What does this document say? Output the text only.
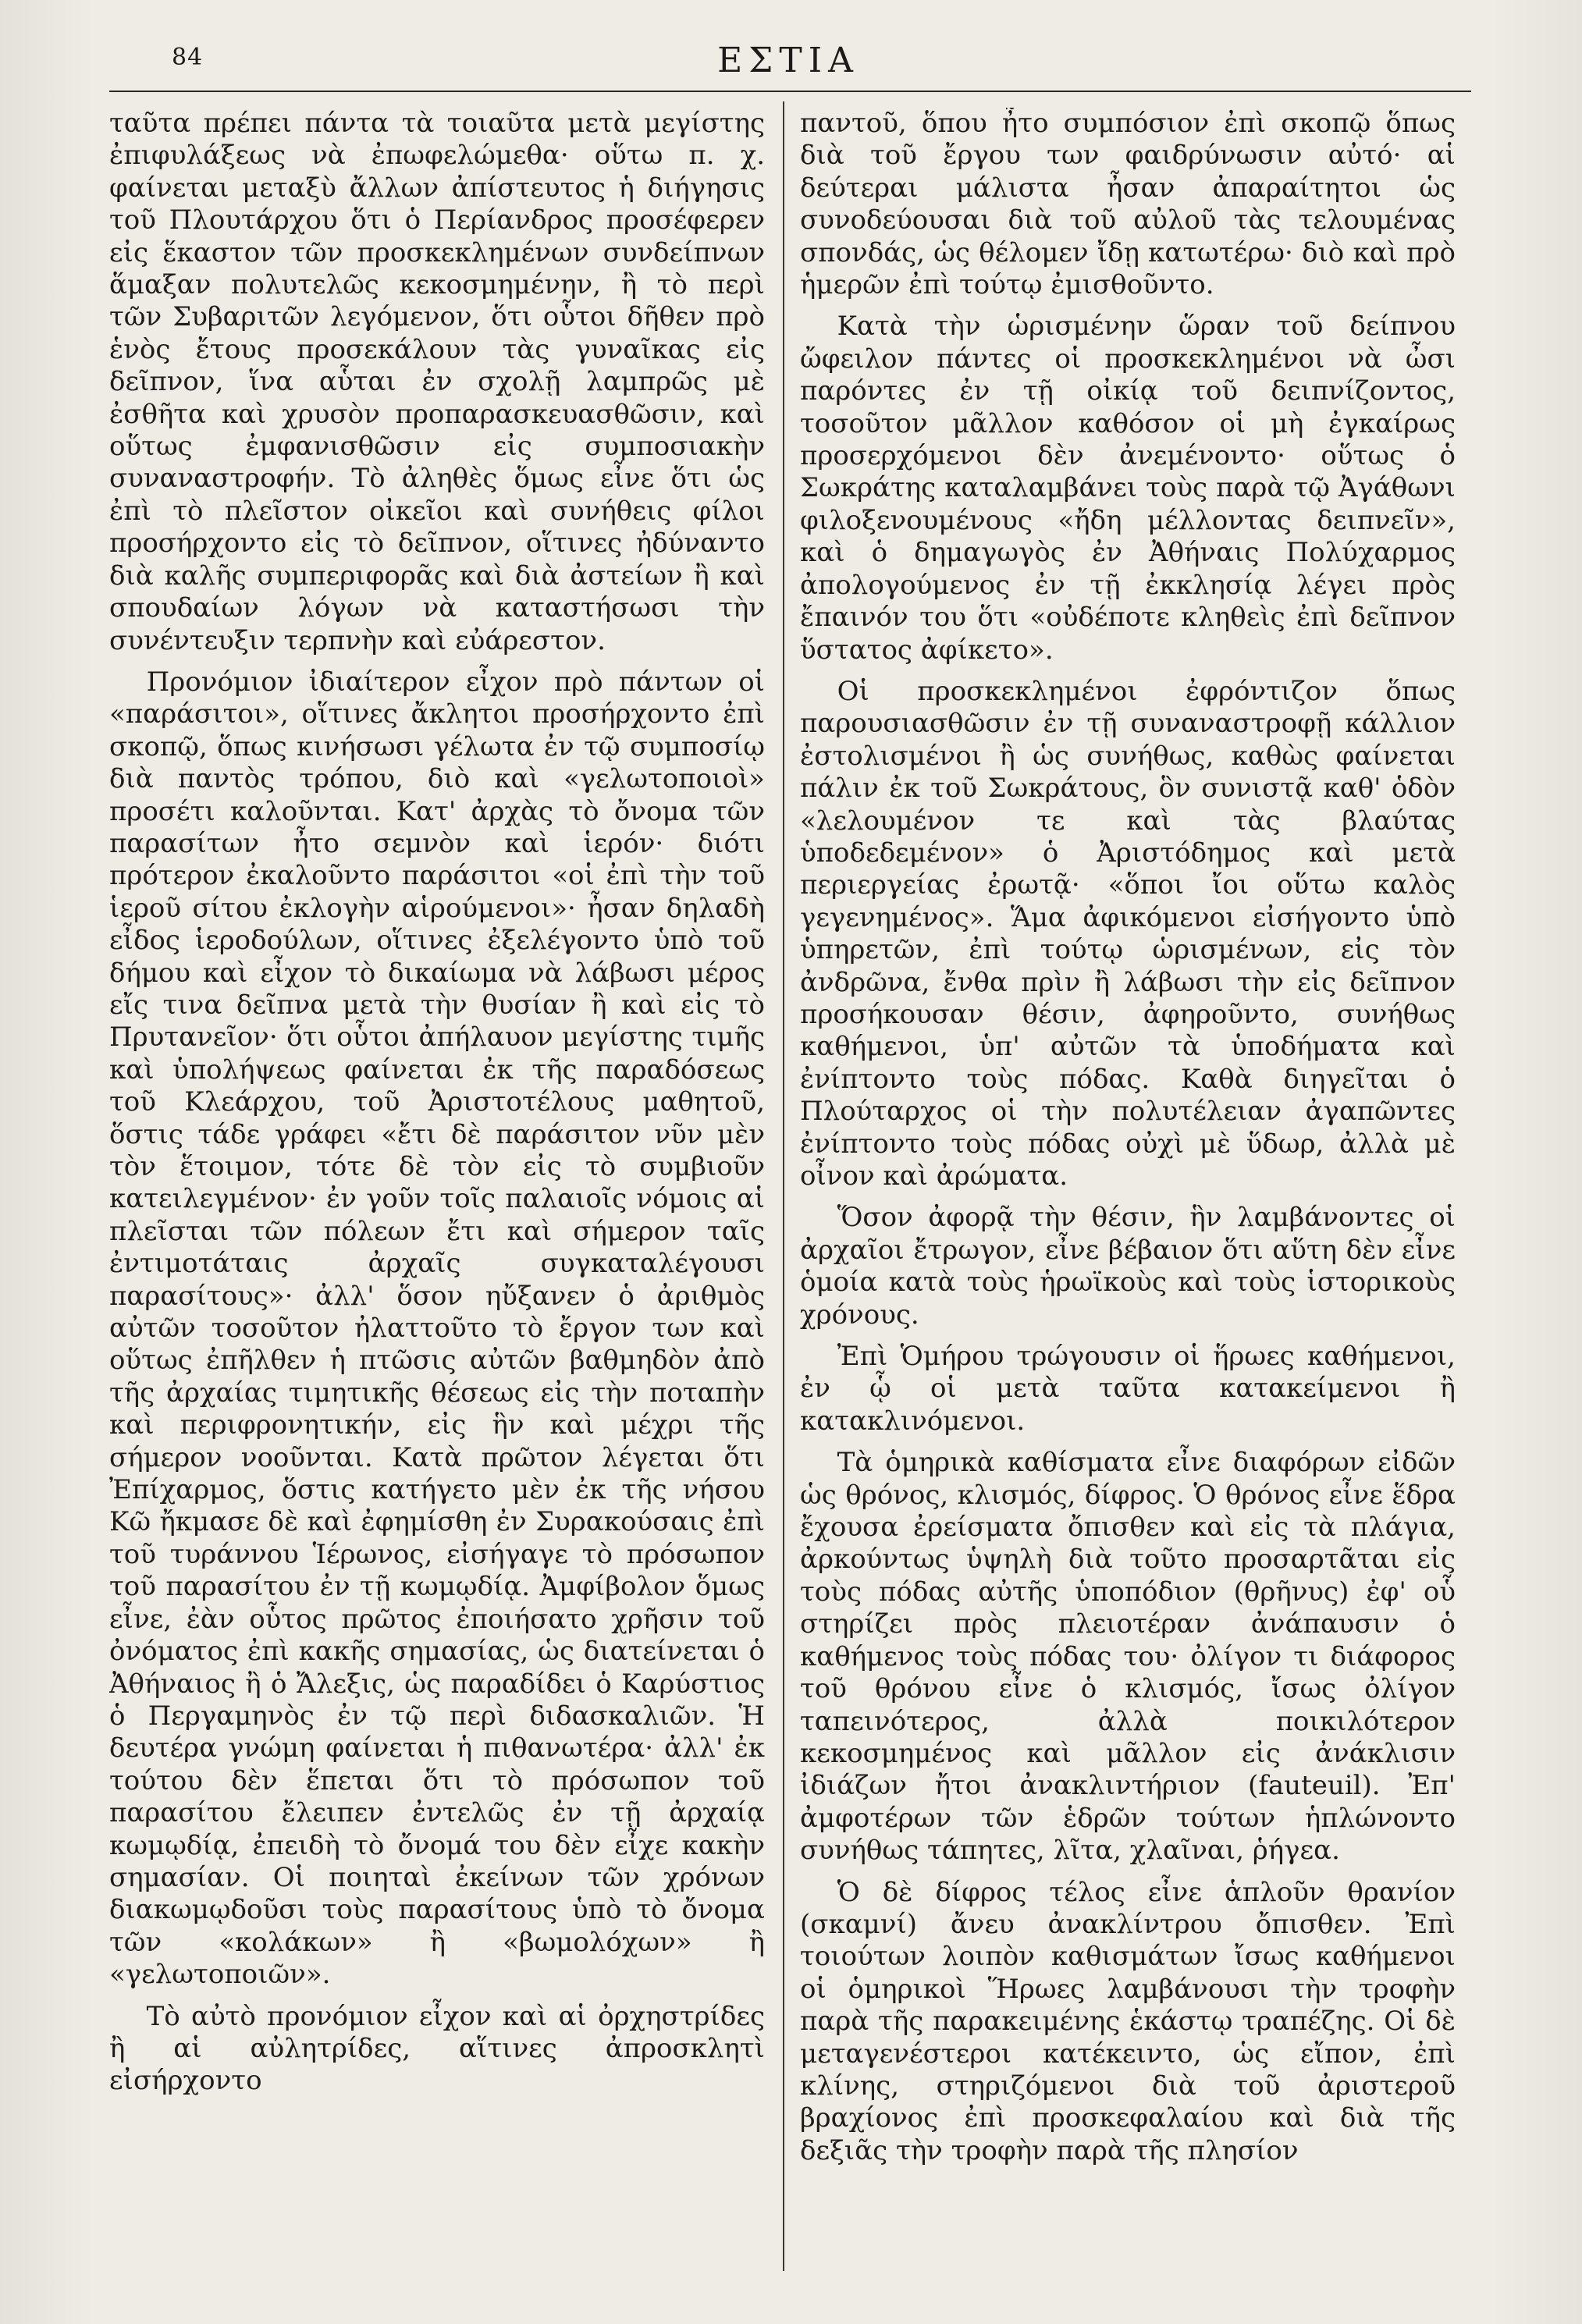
84	ΕΣΤΙΑ

ταῦτα πρέπει πάντα τὰ τοιαῦτα μετὰ μεγίστης ἐπιφυλάξεως νὰ ἐπωφελώμεθα· οὕτω π. χ. φαίνεται μεταξὺ ἄλλων ἀπίστευτος ἡ διήγησις τοῦ Πλουτάρχου ὅτι ὁ Περίανδρος προσέφερεν εἰς ἕκαστον τῶν προσκεκλημένων συνδείπνων ἅμαξαν πολυτελῶς κεκοσμημένην, ἢ τὸ περὶ τῶν Συβαριτῶν λεγόμενον, ὅτι οὗτοι δῆθεν πρὸ ἑνὸς ἔτους προσεκάλουν τὰς γυναῖκας εἰς δεῖπνον, ἵνα αὗται ἐν σχολῇ λαμπρῶς μὲ ἐσθῆτα καὶ χρυσὸν προπαρασκευασθῶσιν, καὶ οὕτως ἐμφανισθῶσιν εἰς συμποσιακὴν συναναστροφήν. Τὸ ἀληθὲς ὅμως εἶνε ὅτι ὡς ἐπὶ τὸ πλεῖστον οἰκεῖοι καὶ συνήθεις φίλοι προσήρχοντο εἰς τὸ δεῖπνον, οἵτινες ἠδύναντο διὰ καλῆς συμπεριφορᾶς καὶ διὰ ἀστείων ἢ καὶ σπουδαίων λόγων νὰ καταστήσωσι τὴν συνέντευξιν τερπνὴν καὶ εὐάρεστον.

Προνόμιον ἰδιαίτερον εἶχον πρὸ πάντων οἱ «παράσιτοι», οἵτινες ἄκλητοι προσήρχοντο ἐπὶ σκοπῷ, ὅπως κινήσωσι γέλωτα ἐν τῷ συμποσίῳ διὰ παντὸς τρόπου, διὸ καὶ «γελωτοποιοὶ» προσέτι καλοῦνται. Κατ' ἀρχὰς τὸ ὄνομα τῶν παρασίτων ἦτο σεμνὸν καὶ ἱερόν· διότι πρότερον ἐκαλοῦντο παράσιτοι «οἱ ἐπὶ τὴν τοῦ ἱεροῦ σίτου ἐκλογὴν αἱρούμενοι»· ἦσαν δηλαδὴ εἶδος ἱεροδούλων, οἵτινες ἐξελέγοντο ὑπὸ τοῦ δήμου καὶ εἶχον τὸ δικαίωμα νὰ λάβωσι μέρος εἴς τινα δεῖπνα μετὰ τὴν θυσίαν ἢ καὶ εἰς τὸ Πρυτανεῖον· ὅτι οὗτοι ἀπήλαυον μεγίστης τιμῆς καὶ ὑπολήψεως φαίνεται ἐκ τῆς παραδόσεως τοῦ Κλεάρχου, τοῦ Ἀριστοτέλους μαθητοῦ, ὅστις τάδε γράφει «ἔτι δὲ παράσιτον νῦν μὲν τὸν ἕτοιμον, τότε δὲ τὸν εἰς τὸ συμβιοῦν κατειλεγμένον· ἐν γοῦν τοῖς παλαιοῖς νόμοις αἱ πλεῖσται τῶν πόλεων ἔτι καὶ σήμερον ταῖς ἐντιμοτάταις ἀρχαῖς συγκαταλέγουσι παρασίτους»· ἀλλ' ὅσον ηὔξανεν ὁ ἀριθμὸς αὐτῶν τοσοῦτον ἠλαττοῦτο τὸ ἔργον των καὶ οὕτως ἐπῆλθεν ἡ πτῶσις αὐτῶν βαθμηδὸν ἀπὸ τῆς ἀρχαίας τιμητικῆς θέσεως εἰς τὴν ποταπὴν καὶ περιφρονητικήν, εἰς ἣν καὶ μέχρι τῆς σήμερον νοοῦνται. Κατὰ πρῶτον λέγεται ὅτι Ἐπίχαρμος, ὅστις κατήγετο μὲν ἐκ τῆς νήσου Κῶ ἤκμασε δὲ καὶ ἐφημίσθη ἐν Συρακούσαις ἐπὶ τοῦ τυράννου Ἱέρωνος, εἰσήγαγε τὸ πρόσωπον τοῦ παρασίτου ἐν τῇ κωμῳδίᾳ. Ἀμφίβολον ὅμως εἶνε, ἐὰν οὗτος πρῶτος ἐποιήσατο χρῆσιν τοῦ ὀνόματος ἐπὶ κακῆς σημασίας, ὡς διατείνεται ὁ Ἀθήναιος ἢ ὁ Ἄλεξις, ὡς παραδίδει ὁ Καρύστιος ὁ Περγαμηνὸς ἐν τῷ περὶ διδασκαλιῶν. Ἡ δευτέρα γνώμη φαίνεται ἡ πιθανωτέρα· ἀλλ' ἐκ τούτου δὲν ἕπεται ὅτι τὸ πρόσωπον τοῦ παρασίτου ἔλειπεν ἐντελῶς ἐν τῇ ἀρχαίᾳ κωμῳδίᾳ, ἐπειδὴ τὸ ὄνομά του δὲν εἶχε κακὴν σημασίαν. Οἱ ποιηταὶ ἐκείνων τῶν χρόνων διακωμῳδοῦσι τοὺς παρασίτους ὑπὸ τὸ ὄνομα τῶν «κολάκων» ἢ «βωμολόχων» ἢ «γελωτοποιῶν».

Τὸ αὐτὸ προνόμιον εἶχον καὶ αἱ ὀρχηστρίδες ἢ αἱ αὐλητρίδες, αἵτινες ἀπροσκλητὶ εἰσήρχοντο

παντοῦ, ὅπου ἦτο συμπόσιον ἐπὶ σκοπῷ ὅπως διὰ τοῦ ἔργου των φαιδρύνωσιν αὐτό· αἱ δεύτεραι μάλιστα ἦσαν ἀπαραίτητοι ὡς συνοδεύουσαι διὰ τοῦ αὐλοῦ τὰς τελουμένας σπονδάς, ὡς θέλομεν ἴδῃ κατωτέρω· διὸ καὶ πρὸ ἡμερῶν ἐπὶ τούτῳ ἐμισθοῦντο.

Κατὰ τὴν ὡρισμένην ὥραν τοῦ δείπνου ὤφειλον πάντες οἱ προσκεκλημένοι νὰ ὦσι παρόντες ἐν τῇ οἰκίᾳ τοῦ δειπνίζοντος, τοσοῦτον μᾶλλον καθόσον οἱ μὴ ἐγκαίρως προσερχόμενοι δὲν ἀνεμένοντο· οὕτως ὁ Σωκράτης καταλαμβάνει τοὺς παρὰ τῷ Ἀγάθωνι φιλοξενουμένους «ἤδη μέλλοντας δειπνεῖν», καὶ ὁ δημαγωγὸς ἐν Ἀθήναις Πολύχαρμος ἀπολογούμενος ἐν τῇ ἐκκλησίᾳ λέγει πρὸς ἔπαινόν του ὅτι «οὐδέποτε κληθεὶς ἐπὶ δεῖπνον ὕστατος ἀφίκετο».

Οἱ προσκεκλημένοι ἐφρόντιζον ὅπως παρουσιασθῶσιν ἐν τῇ συναναστροφῇ κάλλιον ἐστολισμένοι ἢ ὡς συνήθως, καθὼς φαίνεται πάλιν ἐκ τοῦ Σωκράτους, ὃν συνιστᾷ καθ' ὁδὸν «λελουμένον τε καὶ τὰς βλαύτας ὑποδεδεμένον» ὁ Ἀριστόδημος καὶ μετὰ περιεργείας ἐρωτᾷ· «ὅποι ἴοι οὕτω καλὸς γεγενημένος». Ἅμα ἀφικόμενοι εἰσήγοντο ὑπὸ ὑπηρετῶν, ἐπὶ τούτῳ ὡρισμένων, εἰς τὸν ἀνδρῶνα, ἔνθα πρὶν ἢ λάβωσι τὴν εἰς δεῖπνον προσήκουσαν θέσιν, ἀφηροῦντο, συνήθως καθήμενοι, ὑπ' αὐτῶν τὰ ὑποδήματα καὶ ἐνίπτοντο τοὺς πόδας. Καθὰ διηγεῖται ὁ Πλούταρχος οἱ τὴν πολυτέλειαν ἀγαπῶντες ἐνίπτοντο τοὺς πόδας οὐχὶ μὲ ὕδωρ, ἀλλὰ μὲ οἶνον καὶ ἀρώματα.

Ὅσον ἀφορᾷ τὴν θέσιν, ἣν λαμβάνοντες οἱ ἀρχαῖοι ἔτρωγον, εἶνε βέβαιον ὅτι αὕτη δὲν εἶνε ὁμοία κατὰ τοὺς ἡρωϊκοὺς καὶ τοὺς ἱστορικοὺς χρόνους.

Ἐπὶ Ὁμήρου τρώγουσιν οἱ ἥρωες καθήμενοι, ἐν ᾧ οἱ μετὰ ταῦτα κατακείμενοι ἢ κατακλινόμενοι.

Τὰ ὁμηρικὰ καθίσματα εἶνε διαφόρων εἰδῶν ὡς θρόνος, κλισμός, δίφρος. Ὁ θρόνος εἶνε ἕδρα ἔχουσα ἐρείσματα ὄπισθεν καὶ εἰς τὰ πλάγια, ἀρκούντως ὑψηλὴ διὰ τοῦτο προσαρτᾶται εἰς τοὺς πόδας αὐτῆς ὑποπόδιον (θρῆνυς) ἐφ' οὗ στηρίζει πρὸς πλειοτέραν ἀνάπαυσιν ὁ καθήμενος τοὺς πόδας του· ὀλίγον τι διάφορος τοῦ θρόνου εἶνε ὁ κλισμός, ἴσως ὀλίγον ταπεινότερος, ἀλλὰ ποικιλότερον κεκοσμημένος καὶ μᾶλλον εἰς ἀνάκλισιν ἰδιάζων ἤτοι ἀνακλιντήριον (fauteuil). Ἐπ' ἀμφοτέρων τῶν ἑδρῶν τούτων ἡπλώνοντο συνήθως τάπητες, λῖτα, χλαῖναι, ῥήγεα.

Ὁ δὲ δίφρος τέλος εἶνε ἁπλοῦν θρανίον (σκαμνί) ἄνευ ἀνακλίντρου ὄπισθεν. Ἐπὶ τοιούτων λοιπὸν καθισμάτων ἴσως καθήμενοι οἱ ὁμηρικοὶ Ἥρωες λαμβάνουσι τὴν τροφὴν παρὰ τῆς παρακειμένης ἑκάστῳ τραπέζης. Οἱ δὲ μεταγενέστεροι κατέκειντο, ὡς εἴπον, ἐπὶ κλίνης, στηριζόμενοι διὰ τοῦ ἀριστεροῦ βραχίονος ἐπὶ προσκεφαλαίου καὶ διὰ τῆς δεξιᾶς τὴν τροφὴν παρὰ τῆς πλησίον
